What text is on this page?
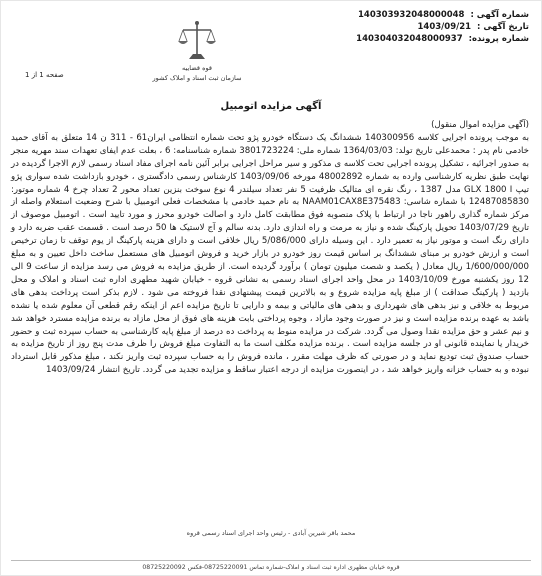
شماره آگهی : 140303932048000048
تاریخ آگهی : 1403/09/21
شماره پرونده: 140304032048000937
قوه قضاییه
سازمان ثبت اسناد و املاک کشور
صفحه 1 از 1
آگهی مزایده اتومبیل

(آگهی مزایده اموال منقول)

به موجب پرونده اجرایی کلاسه 140300956 ششدانگ یک دستگاه خودرو پژو تحت شماره انتظامی ایران61 - 311 ن 14 متعلق به آقای حمید خادمی نام پدر : محمدعلی تاریخ تولد: 1364/03/03 شماره ملی: 3801723224 شماره شناسنامه: 6 ، بعلت عدم ایفای تعهدات سند مهریه منجر به صدور اجرائیه ، تشکیل پرونده اجرایی تحت کلاسه ی مذکور و سیر مراحل اجرایی برابر آئین نامه اجرای مفاد اسناد رسمی لازم الاجرا گردیده در نهایت طبق نظریه کارشناسی وارده به شماره 48002892 مورخه 1403/09/06 کارشناس رسمی دادگستری ، خودرو بازداشت شده سواری پژو تیپ GLX 1800 I مدل 1387 ، رنگ نقره ای متالیک ظرفیت 5 نفر تعداد سیلندر 4 نوع سوخت بنزین تعداد محور 2 تعداد چرخ 4 شماره موتور: 12487085830 با شماره شاسی: NAAM01CAX8E375483 به نام حمید خادمی با مشخصات فعلی اتومبیل با شرح وضعیت استعلام واصله از مرکز شماره گذاری راهور ناجا در ارتباط با پلاک منصوبه فوق مطابقت کامل دارد و اصالت خودرو محرز و مورد تایید است . اتومبیل موصوف از تاریخ 1403/07/29 تحویل پارکینگ شده و نیاز به مرمت و راه اندازی دارد. بدنه سالم و آج لاستیک ها 50 درصد است . قسمت عقب ضربه دارد و دارای رنگ است و موتور نیاز به تعمیر دارد . این وسیله دارای 5/086/000 ریال خلافی است و دارای هزینه پارکینگ از یوم توقف تا زمان ترخیص است و ارزش خودرو بر مبنای ششدانگ بر اساس قیمت روز خودرو در بازار خرید و فروش اتومبیل های مستعمل ساخت داخل تعیین و به مبلغ 1/600/000/000 ریال معادل ( یکصد و شصت میلیون تومان ) برآورد گردیده است. از طریق مزایده به فروش می رسد مزایده از ساعت 9 الی 12 روز یکشنبه مورخ 1403/10/09 در محل واحد اجرای اسناد رسمی به نشانی قروه - خیابان شهید مطهری اداره ثبت اسناد و املاک و محل بازدید ( پارکینگ صداقت ) از مبلغ پایه مزایده شروع و به بالاترین قیمت پیشنهادی نقدا فروخته می شود . لازم بذکر است پرداخت بدهی های مربوط به خلافی و نیز بدهی های شهرداری و بدهی های مالیاتی و بیمه و دارایی تا تاریخ مزایده اعم از اینکه رقم قطعی آن معلوم شده یا نشده باشد به عهده برنده مزایده است و نیز در صورت وجود مازاد ، وجوه پرداختی بابت هزینه های فوق از محل مازاد به برنده مزایده مسترد خواهد شد و نیم عشر و حق مزایده نقدا وصول می گردد. شرکت در مزایده منوط به پرداخت ده درصد از مبلغ پایه کارشناسی به حساب سپرده ثبت و حضور خریدار یا نماینده قانونی او در جلسه مزایده است . برنده مزایده مکلف است ما به التفاوت مبلغ فروش را ظرف مدت پنج روز از تاریخ مزایده به حساب صندوق ثبت تودیع نماید و در صورتی که ظرف مهلت مقرر ، مانده فروش را به حساب سپرده ثبت واریز نکند ، مبلغ مذکور قابل استرداد نبوده و به حساب خزانه واریز خواهد شد ، در اینصورت مزایده از درجه اعتبار ساقط و مزایده تجدید می گردد. تاریخ انتشار 1403/09/24

محمد باقر شیرین آبادی - رئیس واحد اجرای اسناد رسمی قروه
قروه خیابان مطهری اداره ثبت اسناد و املاک-شماره تماس 08725220091-فکس 08725220092
